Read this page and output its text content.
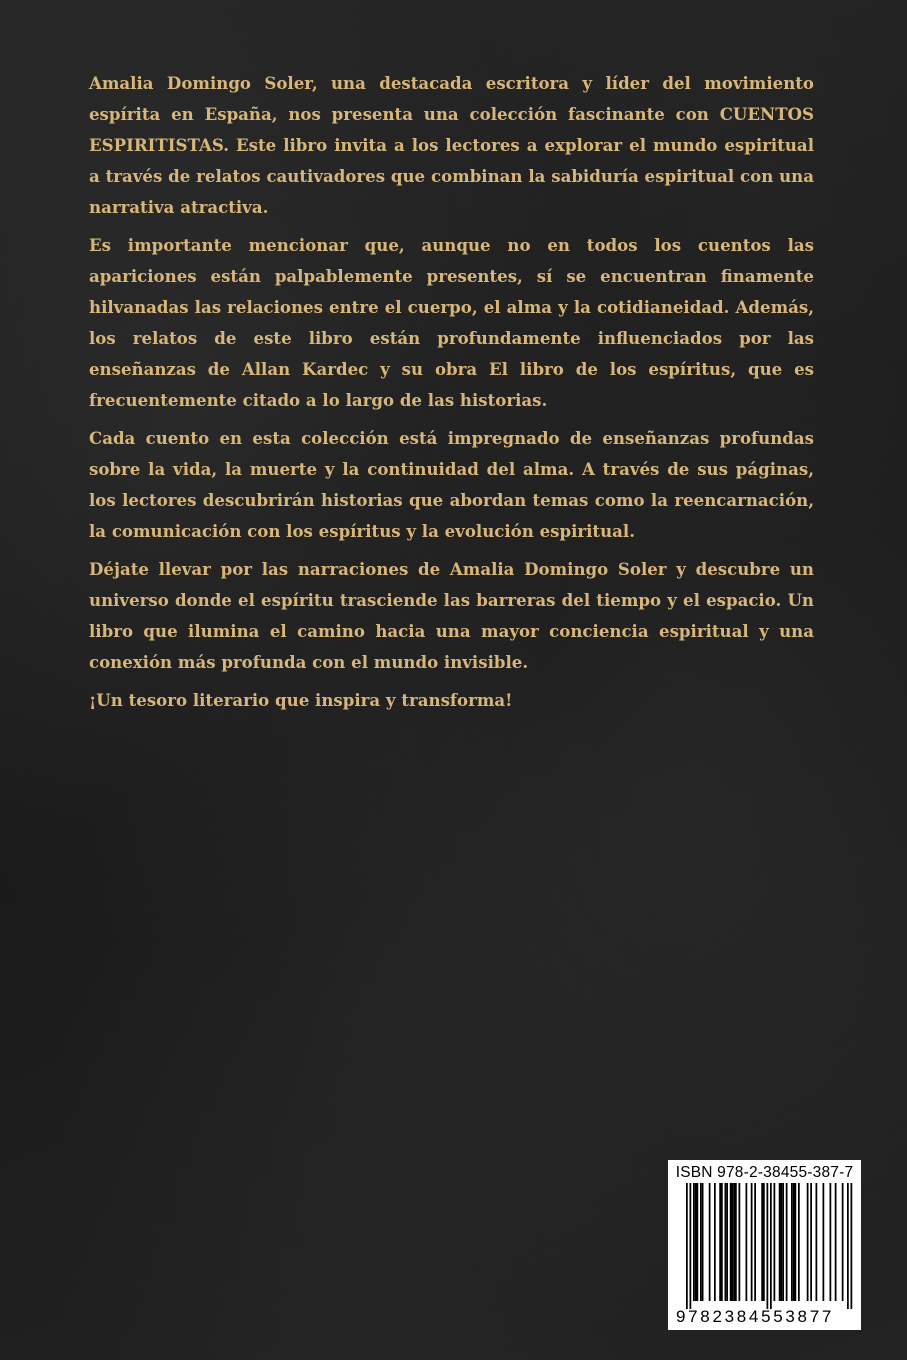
Amalia Domingo Soler, una destacada escritora y líder del movimiento espírita en España, nos presenta una colección fascinante con CUENTOS ESPIRITISTAS. Este libro invita a los lectores a explorar el mundo espiritual a través de relatos cautivadores que combinan la sabiduría espiritual con una narrativa atractiva.

Es importante mencionar que, aunque no en todos los cuentos las apariciones están palpablemente presentes, sí se encuentran finamente hilvanadas las relaciones entre el cuerpo, el alma y la cotidianeidad. Además, los relatos de este libro están profundamente influenciados por las enseñanzas de Allan Kardec y su obra El libro de los espíritus, que es frecuentemente citado a lo largo de las historias.

Cada cuento en esta colección está impregnado de enseñanzas profundas sobre la vida, la muerte y la continuidad del alma. A través de sus páginas, los lectores descubrirán historias que abordan temas como la reencarnación, la comunicación con los espíritus y la evolución espiritual.

Déjate llevar por las narraciones de Amalia Domingo Soler y descubre un universo donde el espíritu trasciende las barreras del tiempo y el espacio. Un libro que ilumina el camino hacia una mayor conciencia espiritual y una conexión más profunda con el mundo invisible.

¡Un tesoro literario que inspira y transforma!

ISBN 978-2-38455-387-7
9782384553877
